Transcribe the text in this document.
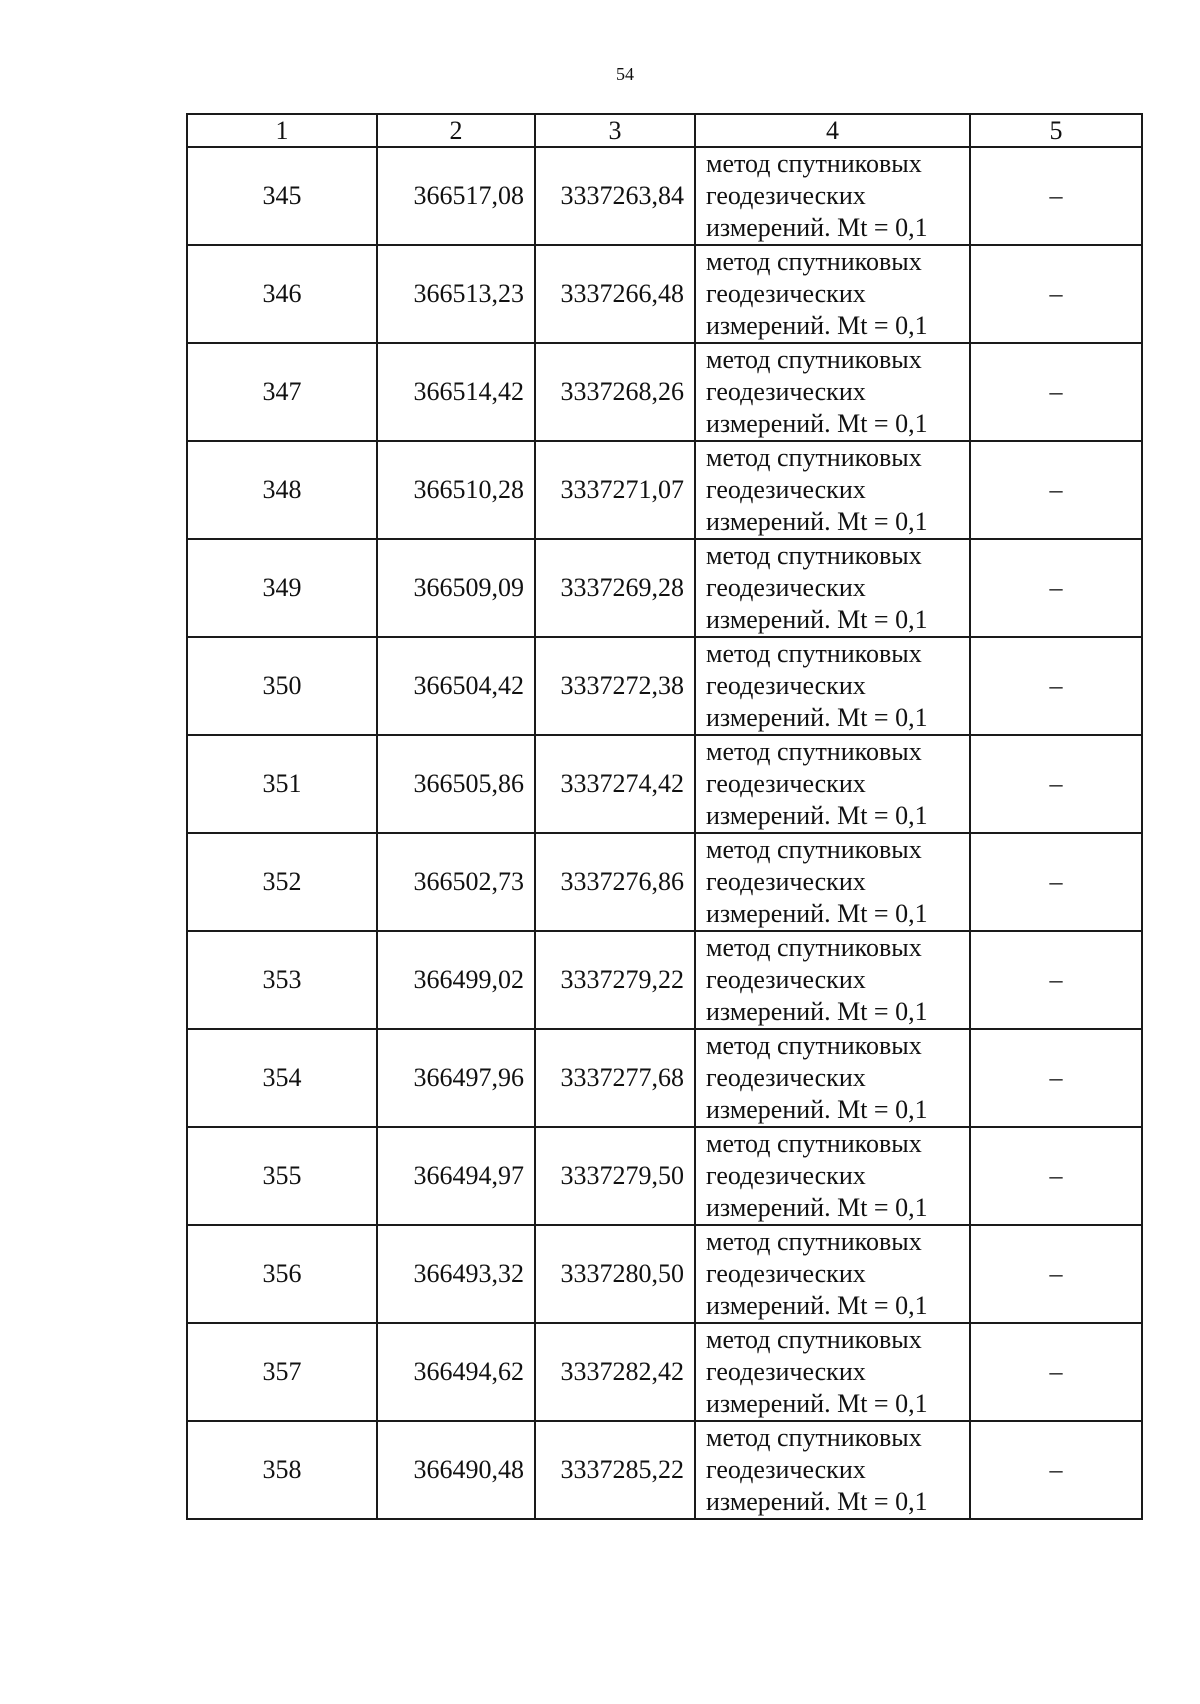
54
1	2	3	4	5
345	366517,08	3337263,84	метод спутниковых
геодезических
измерений. Mt = 0,1	–
346	366513,23	3337266,48	метод спутниковых
геодезических
измерений. Mt = 0,1	–
347	366514,42	3337268,26	метод спутниковых
геодезических
измерений. Mt = 0,1	–
348	366510,28	3337271,07	метод спутниковых
геодезических
измерений. Mt = 0,1	–
349	366509,09	3337269,28	метод спутниковых
геодезических
измерений. Mt = 0,1	–
350	366504,42	3337272,38	метод спутниковых
геодезических
измерений. Mt = 0,1	–
351	366505,86	3337274,42	метод спутниковых
геодезических
измерений. Mt = 0,1	–
352	366502,73	3337276,86	метод спутниковых
геодезических
измерений. Mt = 0,1	–
353	366499,02	3337279,22	метод спутниковых
геодезических
измерений. Mt = 0,1	–
354	366497,96	3337277,68	метод спутниковых
геодезических
измерений. Mt = 0,1	–
355	366494,97	3337279,50	метод спутниковых
геодезических
измерений. Mt = 0,1	–
356	366493,32	3337280,50	метод спутниковых
геодезических
измерений. Mt = 0,1	–
357	366494,62	3337282,42	метод спутниковых
геодезических
измерений. Mt = 0,1	–
358	366490,48	3337285,22	метод спутниковых
геодезических
измерений. Mt = 0,1	–
